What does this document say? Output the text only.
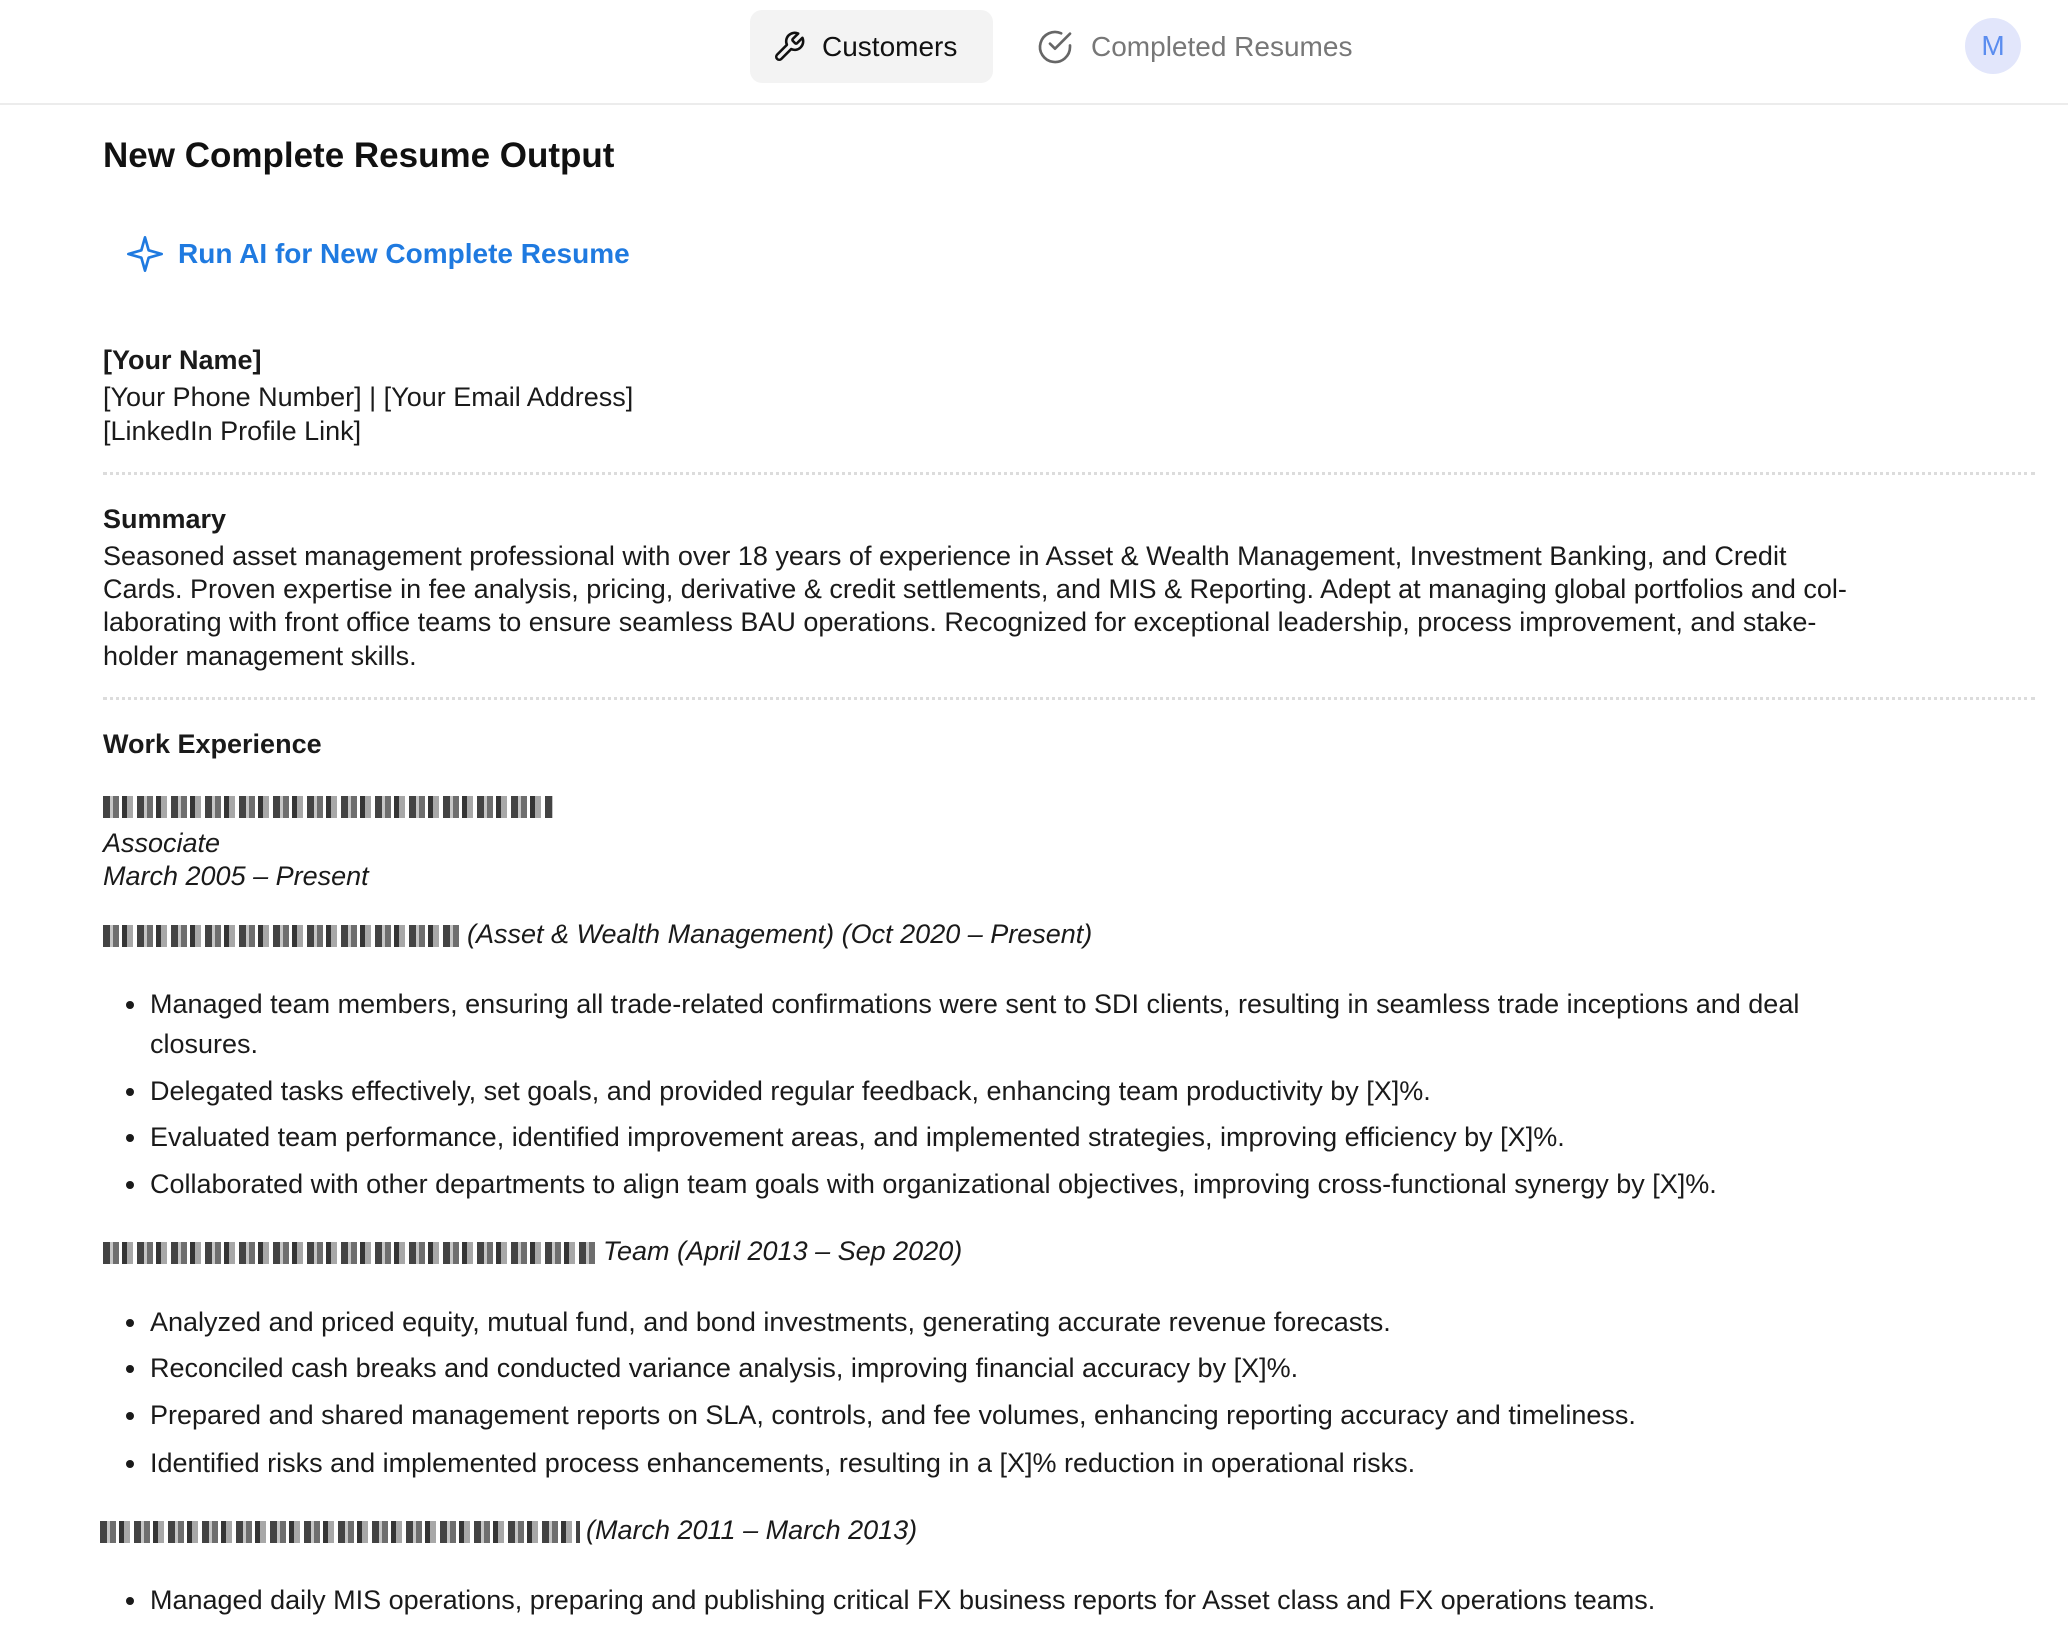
Customers	Completed Resumes	M
New Complete Resume Output
Run AI for New Complete Resume
[Your Name]
[Your Phone Number] | [Your Email Address]
[LinkedIn Profile Link]
Summary
Seasoned asset management professional with over 18 years of experience in Asset & Wealth Management, Investment Banking, and Credit
Cards. Proven expertise in fee analysis, pricing, derivative & credit settlements, and MIS & Reporting. Adept at managing global portfolios and col-
laborating with front office teams to ensure seamless BAU operations. Recognized for exceptional leadership, process improvement, and stake-
holder management skills.
Work Experience
Associate
March 2005 – Present
(Asset & Wealth Management) (Oct 2020 – Present)
Managed team members, ensuring all trade-related confirmations were sent to SDI clients, resulting in seamless trade inceptions and deal
closures.
Delegated tasks effectively, set goals, and provided regular feedback, enhancing team productivity by [X]%.
Evaluated team performance, identified improvement areas, and implemented strategies, improving efficiency by [X]%.
Collaborated with other departments to align team goals with organizational objectives, improving cross-functional synergy by [X]%.
Team (April 2013 – Sep 2020)
Analyzed and priced equity, mutual fund, and bond investments, generating accurate revenue forecasts.
Reconciled cash breaks and conducted variance analysis, improving financial accuracy by [X]%.
Prepared and shared management reports on SLA, controls, and fee volumes, enhancing reporting accuracy and timeliness.
Identified risks and implemented process enhancements, resulting in a [X]% reduction in operational risks.
(March 2011 – March 2013)
Managed daily MIS operations, preparing and publishing critical FX business reports for Asset class and FX operations teams.
